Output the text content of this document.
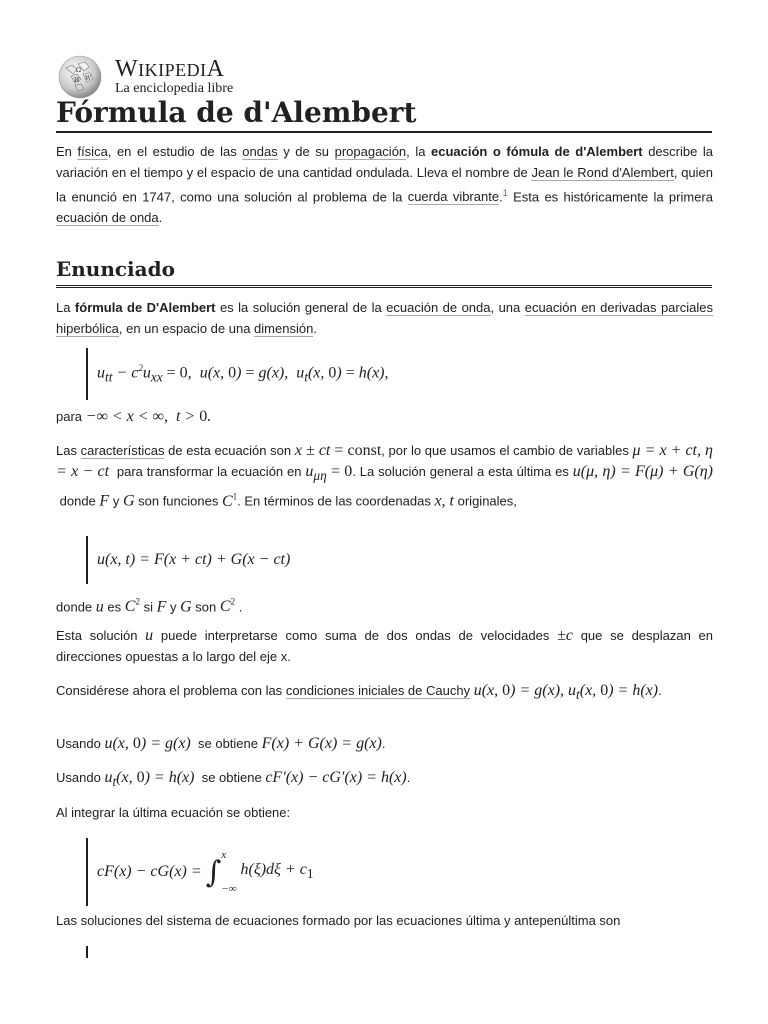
Ω
W
И WIKIPEDIA
La enciclopedia libre
Fórmula de d'Alembert

En física, en el estudio de las ondas y de su propagación, la ecuación o fómula de d'Alembert describe la variación en el tiempo y el espacio de una cantidad ondulada. Lleva el nombre de Jean le Rond d'Alembert, quien la enunció en 1747, como una solución al problema de la cuerda vibrante.$^1$ Esta es históricamente la primera ecuación de onda.

Enunciado

La fórmula de D'Alembert es la solución general de la ecuación de onda, una ecuación en derivadas parciales hiperbólica, en un espacio de una dimensión.

$u_{tt} - c^2u_{xx} = 0$,  u(x, 0) = g(x),  $u_t(x$, 0) = h(x),

para −∞ < x < ∞,  t > 0.

Las características de esta ecuación son x ± ct = const, por lo que usamos el cambio de variables μ = x + ct, η = x − ct para transformar la ecuación en $u_{\mu\eta} = 0$. La solución general a esta última es u(μ, η) = F(μ) + G(η)  donde F y G son funciones $C^1$. En términos de las coordenadas x, t originales,

u(x, t) = F(x + ct) + G(x − ct)

donde u es $C^2$ si F y G son $C^2$ .

Esta solución u puede interpretarse como suma de dos ondas de velocidades ±c que se desplazan en direcciones opuestas a lo largo del eje x.

Considérese ahora el problema con las condiciones iniciales de Cauchy u(x, 0) = g(x), $u_t(x$, 0) = h(x).

Usando u(x, 0) = g(x) se obtiene F(x) + G(x) = g(x).

Usando $u_t(x$, 0) = h(x) se obtiene cF′(x) − cG′(x) = h(x).

Al integrar la última ecuación se obtiene:

cF(x) − cG(x) = ∫ x
−∞
$h(\xi)d\xi + c_1$

Las soluciones del sistema de ecuaciones formado por las ecuaciones última y antepenúltima son
